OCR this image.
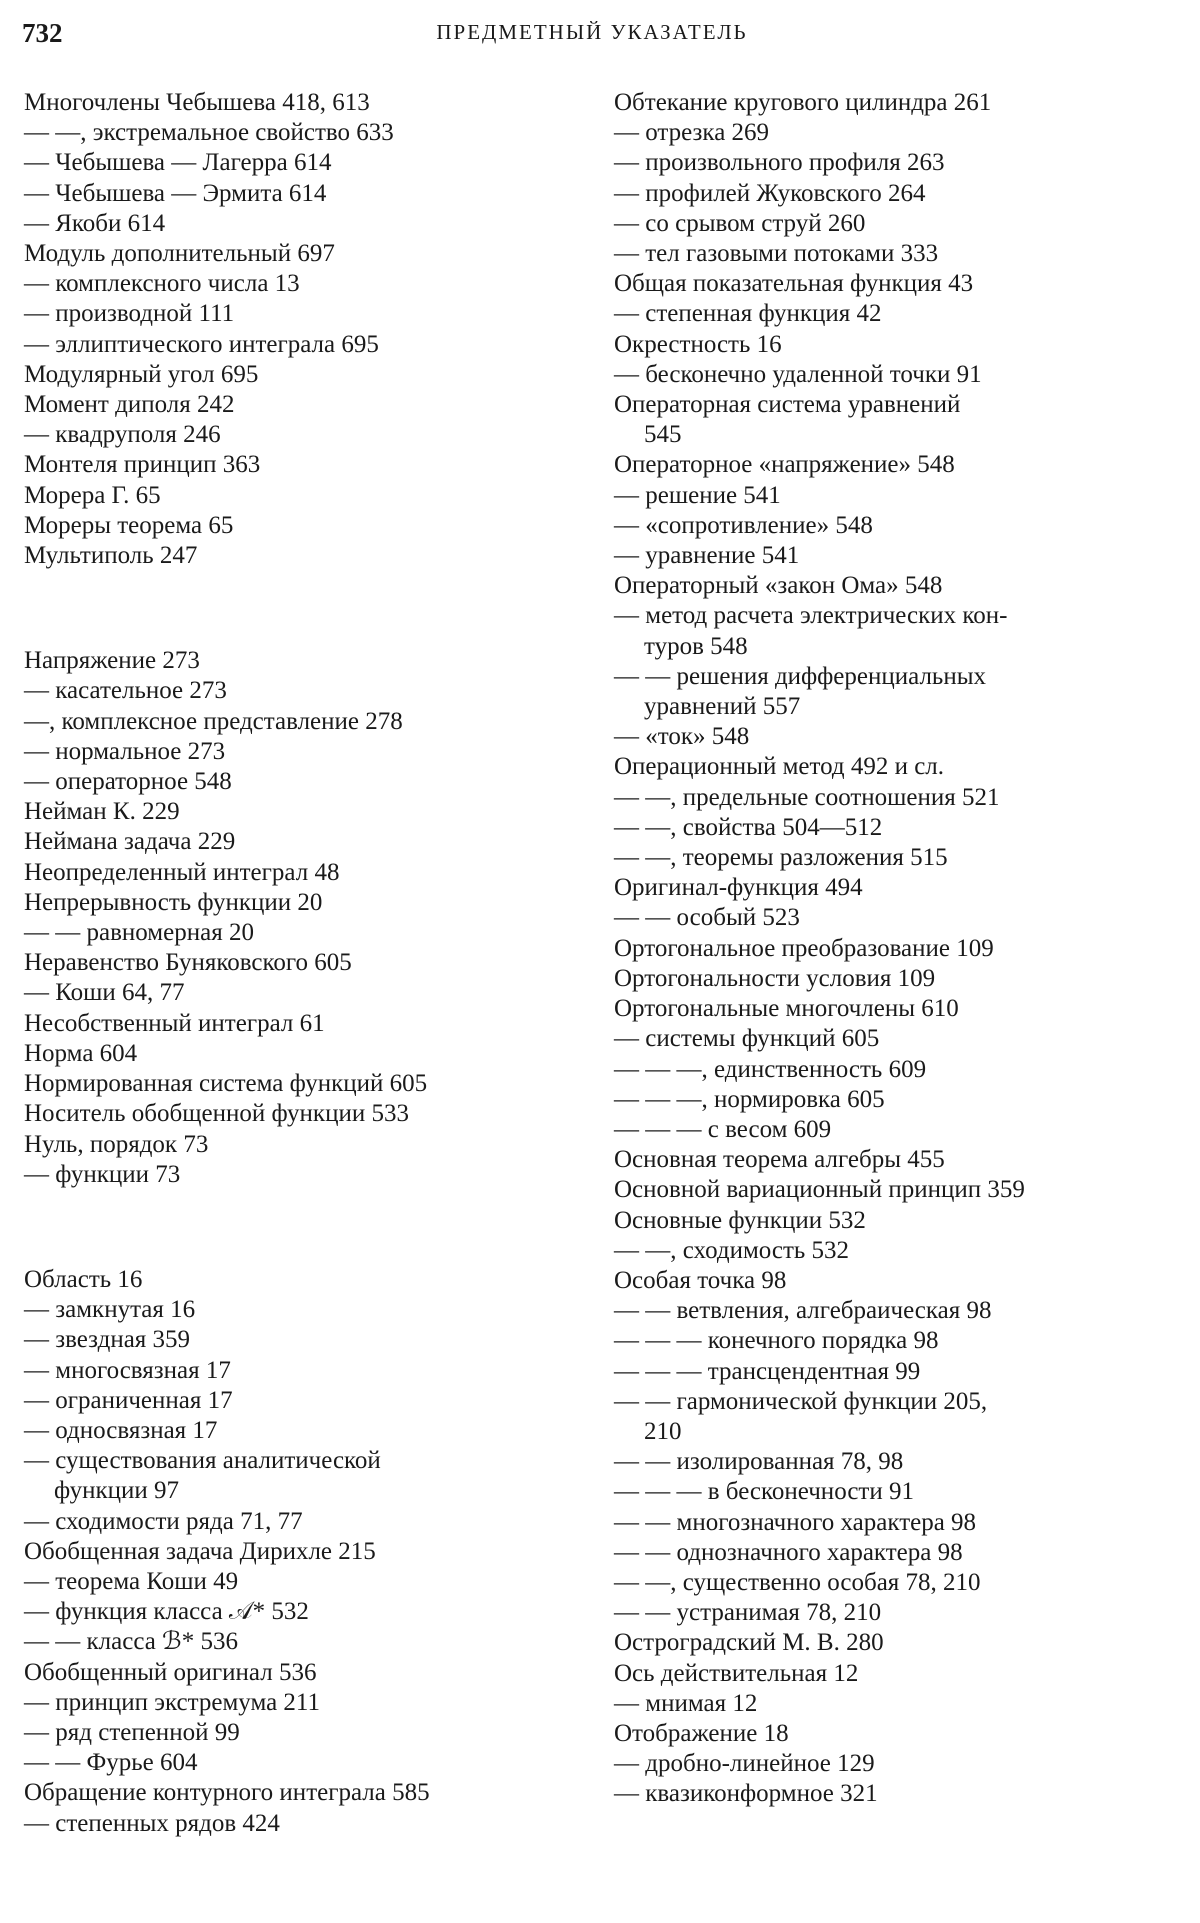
732	ПРЕДМЕТНЫЙ УКАЗАТЕЛЬ
Многочлены Чебышева 418, 613
— —, экстремальное свойство 633
— Чебышева — Лагерра 614
— Чебышева — Эрмита 614
— Якоби 614
Модуль дополнительный 697
— комплексного числа 13
— производной 111
— эллиптического интеграла 695
Модулярный угол 695
Момент диполя 242
— квадруполя 246
Монтеля принцип 363
Морера Г. 65
Мореры теорема 65
Мультиполь 247
Напряжение 273
— касательное 273
—, комплексное представление 278
— нормальное 273
— операторное 548
Нейман К. 229
Неймана задача 229
Неопределенный интеграл 48
Непрерывность функции 20
— — равномерная 20
Неравенство Буняковского 605
— Коши 64, 77
Несобственный интеграл 61
Норма 604
Нормированная система функций 605
Носитель обобщенной функции 533
Нуль, порядок 73
— функции 73
Область 16
— замкнутая 16
— звездная 359
— многосвязная 17
— ограниченная 17
— односвязная 17
— существования аналитической
функции 97
— сходимости ряда 71, 77
Обобщенная задача Дирихле 215
— теорема Коши 49
— функция класса 𝒜* 532
— — класса ℬ* 536
Обобщенный оригинал 536
— принцип экстремума 211
— ряд степенной 99
— — Фурье 604
Обращение контурного интеграла 585
— степенных рядов 424
Обтекание кругового цилиндра 261
— отрезка 269
— произвольного профиля 263
— профилей Жуковского 264
— со срывом струй 260
— тел газовыми потоками 333
Общая показательная функция 43
— степенная функция 42
Окрестность 16
— бесконечно удаленной точки 91
Операторная система уравнений
545
Операторное «напряжение» 548
— решение 541
— «сопротивление» 548
— уравнение 541
Операторный «закон Ома» 548
— метод расчета электрических кон-
туров 548
— — решения дифференциальных
уравнений 557
— «ток» 548
Операционный метод 492 и сл.
— —, предельные соотношения 521
— —, свойства 504—512
— —, теоремы разложения 515
Оригинал-функция 494
— — особый 523
Ортогональное преобразование 109
Ортогональности условия 109
Ортогональные многочлены 610
— системы функций 605
— — —, единственность 609
— — —, нормировка 605
— — — с весом 609
Основная теорема алгебры 455
Основной вариационный принцип 359
Основные функции 532
— —, сходимость 532
Особая точка 98
— — ветвления, алгебраическая 98
— — — конечного порядка 98
— — — трансцендентная 99
— — гармонической функции 205,
210
— — изолированная 78, 98
— — — в бесконечности 91
— — многозначного характера 98
— — однозначного характера 98
— —, существенно особая 78, 210
— — устранимая 78, 210
Остроградский М. В. 280
Ось действительная 12
— мнимая 12
Отображение 18
— дробно-линейное 129
— квазиконформное 321
